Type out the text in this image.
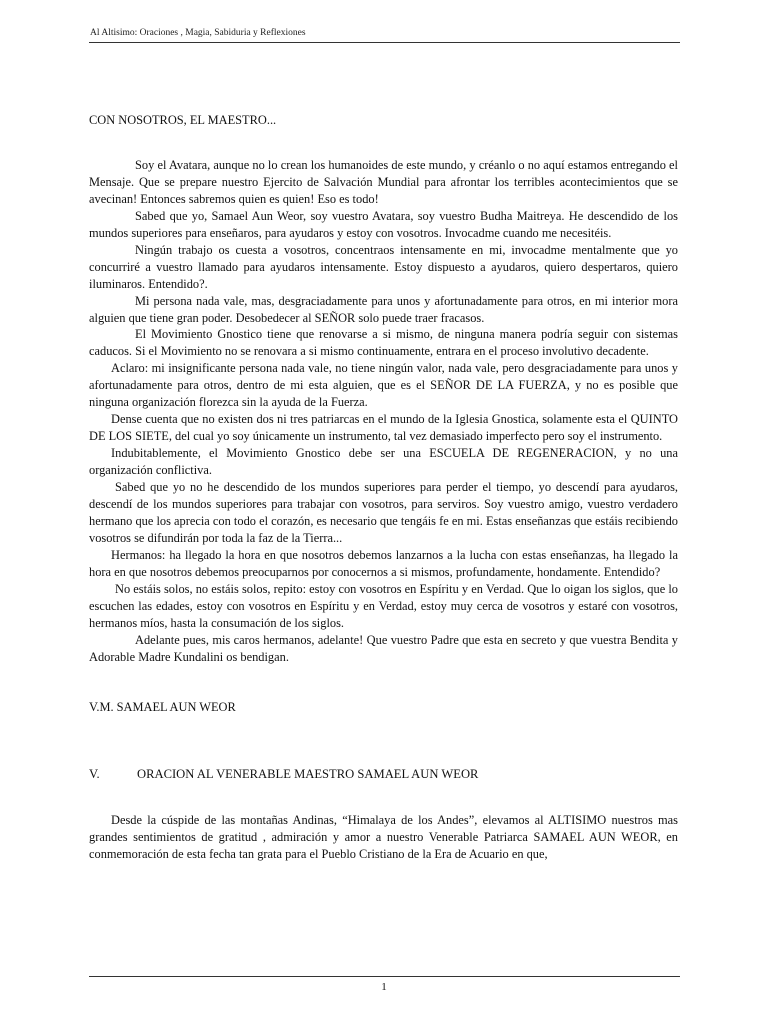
Al Altisimo: Oraciones , Magia, Sabiduria y Reflexiones

CON NOSOTROS, EL MAESTRO...

Soy el Avatara, aunque no lo crean los humanoides de este mundo, y créanlo o no aquí estamos entregando el Mensaje. Que se prepare nuestro Ejercito de Salvación Mundial para afrontar los terribles acontecimientos que se avecinan! Entonces sabremos quien es quien! Eso es todo!

Sabed que yo, Samael Aun Weor, soy vuestro Avatara, soy vuestro Budha Maitreya. He descendido de los mundos superiores para enseñaros, para ayudaros y estoy con vosotros. Invocadme cuando me necesitéis.

Ningún trabajo os cuesta a vosotros, concentraos intensamente en mi, invocadme mentalmente que yo concurriré a vuestro llamado para ayudaros intensamente. Estoy dispuesto a ayudaros, quiero despertaros, quiero iluminaros. Entendido?.

Mi persona nada vale, mas, desgraciadamente para unos y afortunadamente para otros, en mi interior mora alguien que tiene gran poder. Desobedecer al SEÑOR solo puede traer fracasos.

El Movimiento Gnostico tiene que renovarse a si mismo, de ninguna manera podría seguir con sistemas caducos. Si el Movimiento no se renovara a si mismo continuamente, entrara en el proceso involutivo decadente.

Aclaro: mi insignificante persona nada vale, no tiene ningún valor, nada vale, pero desgraciadamente para unos y afortunadamente para otros, dentro de mi esta alguien, que es el SEÑOR DE LA FUERZA, y no es posible que ninguna organización florezca sin la ayuda de la Fuerza.

Dense cuenta que no existen dos ni tres patriarcas en el mundo de la Iglesia Gnostica, solamente esta el QUINTO DE LOS SIETE, del cual yo soy únicamente un instrumento, tal vez demasiado imperfecto pero soy el instrumento.

Indubitablemente, el Movimiento Gnostico debe ser una ESCUELA DE REGENERACION, y no una organización conflictiva.

Sabed que yo no he descendido de los mundos superiores para perder el tiempo, yo descendí para ayudaros, descendí de los mundos superiores para trabajar con vosotros, para serviros. Soy vuestro amigo, vuestro verdadero hermano que los aprecia con todo el corazón, es necesario que tengáis fe en mi. Estas enseñanzas que estáis recibiendo vosotros se difundirán por toda la faz de la Tierra...

Hermanos: ha llegado la hora en que nosotros debemos lanzarnos a la lucha con estas enseñanzas, ha llegado la hora en que nosotros debemos preocuparnos por conocernos a si mismos, profundamente, hondamente. Entendido?

No estáis solos, no estáis solos, repito: estoy con vosotros en Espíritu y en Verdad. Que lo oigan los siglos, que lo escuchen las edades, estoy con vosotros en Espíritu y en Verdad, estoy muy cerca de vosotros y estaré con vosotros, hermanos míos, hasta la consumación de los siglos.

Adelante pues, mis caros hermanos, adelante! Que vuestro Padre que esta en secreto y que vuestra Bendita y Adorable Madre Kundalini os bendigan.

V.M. SAMAEL AUN WEOR

V.	ORACION AL VENERABLE MAESTRO SAMAEL AUN WEOR

Desde la cúspide de las montañas Andinas, “Himalaya de los Andes”, elevamos al ALTISIMO nuestros mas grandes sentimientos de gratitud , admiración y amor a nuestro Venerable Patriarca SAMAEL AUN WEOR, en conmemoración de esta fecha tan grata para el Pueblo Cristiano de la Era de Acuario en que,

1
